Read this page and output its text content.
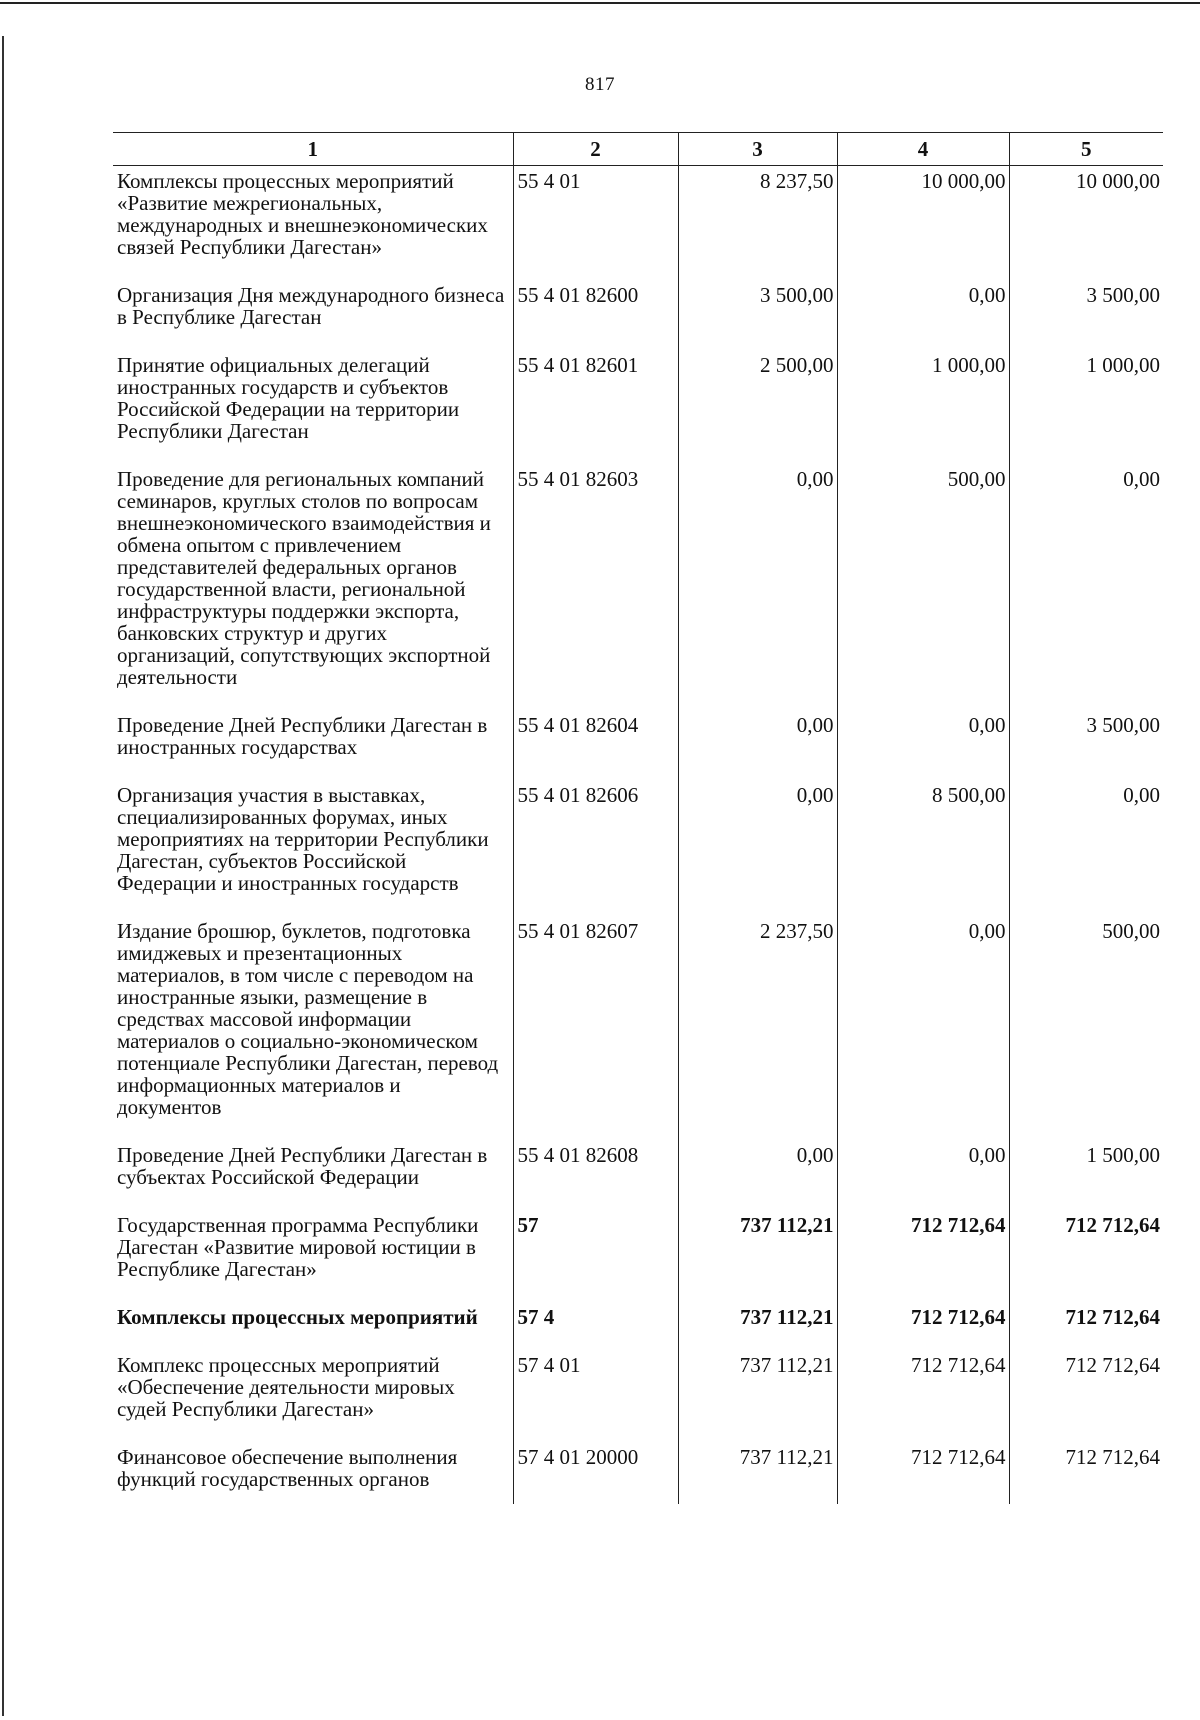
817
1	2	3	4	5
Комплексы процессных мероприятий «Развитие межрегиональных, международных и внешнеэкономических связей Республики Дагестан»	55 4 01	8 237,50	10 000,00	10 000,00
Организация Дня международного бизнеса в Республике Дагестан	55 4 01 82600	3 500,00	0,00	3 500,00
Принятие официальных делегаций иностранных государств и субъектов Российской Федерации на территории Республики Дагестан	55 4 01 82601	2 500,00	1 000,00	1 000,00
Проведение для региональных компаний семинаров, круглых столов по вопросам внешнеэкономического взаимодействия и обмена опытом с привлечением представителей федеральных органов государственной власти, региональной инфраструктуры поддержки экспорта, банковских структур и других организаций, сопутствующих экспортной деятельности	55 4 01 82603	0,00	500,00	0,00
Проведение Дней Республики Дагестан в иностранных государствах	55 4 01 82604	0,00	0,00	3 500,00
Организация участия в выставках, специализированных форумах, иных мероприятиях на территории Республики Дагестан, субъектов Российской Федерации и иностранных государств	55 4 01 82606	0,00	8 500,00	0,00
Издание брошюр, буклетов, подготовка имиджевых и презентационных материалов, в том числе с переводом на иностранные языки, размещение в средствах массовой информации материалов о социально-экономическом потенциале Республики Дагестан, перевод информационных материалов и документов	55 4 01 82607	2 237,50	0,00	500,00
Проведение Дней Республики Дагестан в субъектах Российской Федерации	55 4 01 82608	0,00	0,00	1 500,00
Государственная программа Республики Дагестан «Развитие мировой юстиции в Республике Дагестан»	57	737 112,21	712 712,64	712 712,64
Комплексы процессных мероприятий	57 4	737 112,21	712 712,64	712 712,64
Комплекс процессных мероприятий «Обеспечение деятельности мировых судей Республики Дагестан»	57 4 01	737 112,21	712 712,64	712 712,64
Финансовое обеспечение выполнения функций государственных органов	57 4 01 20000	737 112,21	712 712,64	712 712,64
